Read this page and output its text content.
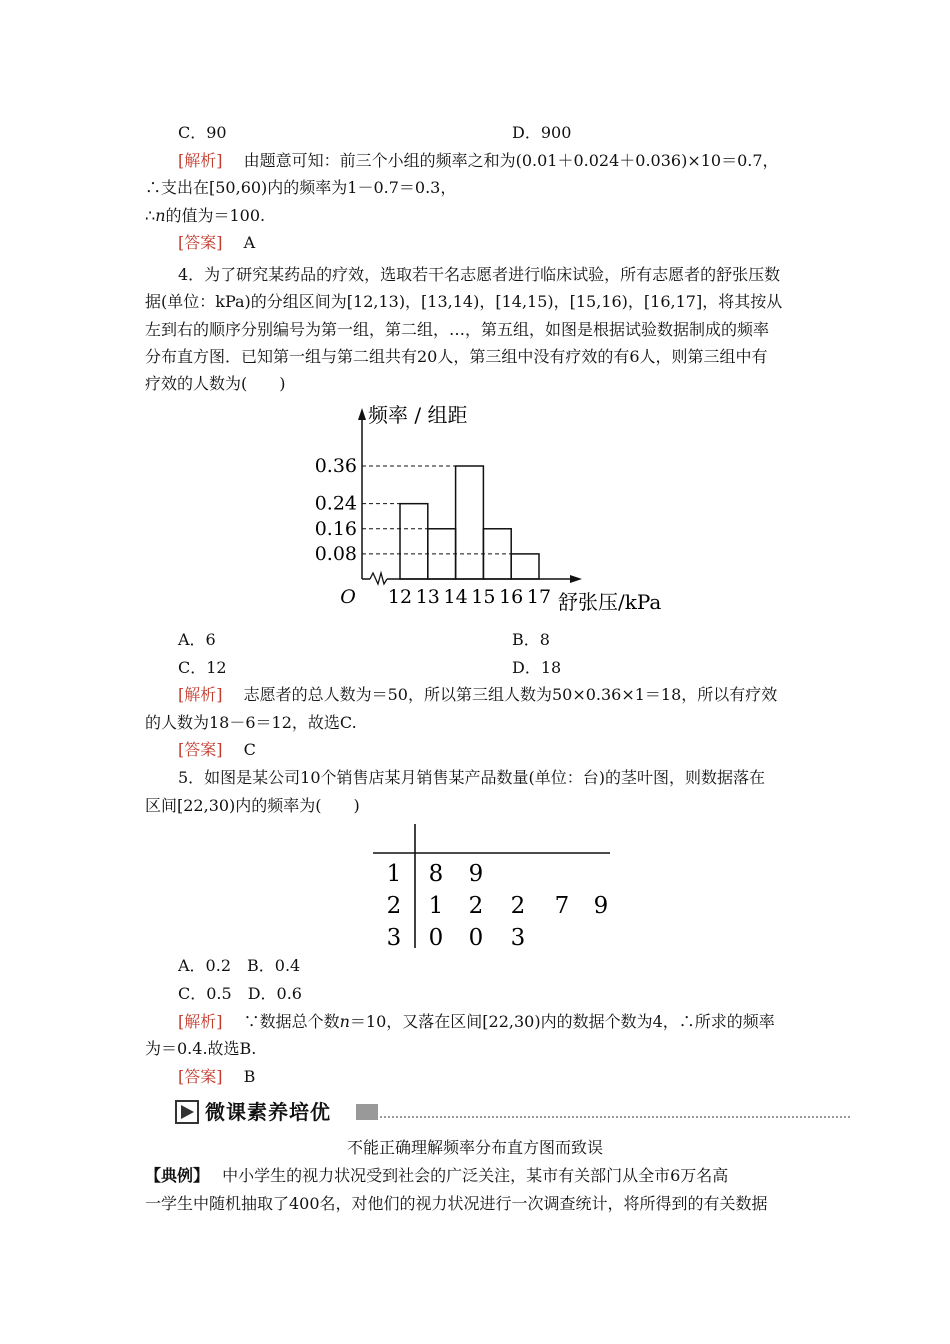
C．90	D．900
[解析]　 由题意可知：前三个小组的频率之和为(0.01＋0.024＋0.036)×10＝0.7，
∴支出在[50,60)内的频率为1－0.7＝0.3，
∴n的值为＝100.
[答案]　 A
4．为了研究某药品的疗效，选取若干名志愿者进行临床试验，所有志愿者的舒张压数
据(单位：kPa)的分组区间为[12,13)，[13,14)，[14,15)，[15,16)，[16,17]，将其按从
左到右的顺序分别编号为第一组，第二组，…，第五组，如图是根据试验数据制成的频率
分布直方图．已知第一组与第二组共有20人，第三组中没有疗效的有6人，则第三组中有
疗效的人数为(　　)
0.08
0.16
0.24
0.36
12 13 14 15 16 17
O
频率 / 组距
舒张压/kPa
A．6	B．8
C．12	D．18
[解析]　 志愿者的总人数为＝50，所以第三组人数为50×0.36×1＝18，所以有疗效
的人数为18－6＝12，故选C.
[答案]　 C
5．如图是某公司10个销售店某月销售某产品数量(单位：台)的茎叶图，则数据落在
区间[22,30)内的频率为(　　)
1 8 9
2 1 2 2 7 9
3 0 0 3
A．0.2　B．0.4
C．0.5　D．0.6
[解析]　 ∵数据总个数n＝10，又落在区间[22,30)内的数据个数为4，∴所求的频率
为＝0.4.故选B.
[答案]　 B
微课素养培优
不能正确理解频率分布直方图而致误
【典例】　 中小学生的视力状况受到社会的广泛关注，某市有关部门从全市6万名高
一学生中随机抽取了400名，对他们的视力状况进行一次调查统计，将所得到的有关数据
